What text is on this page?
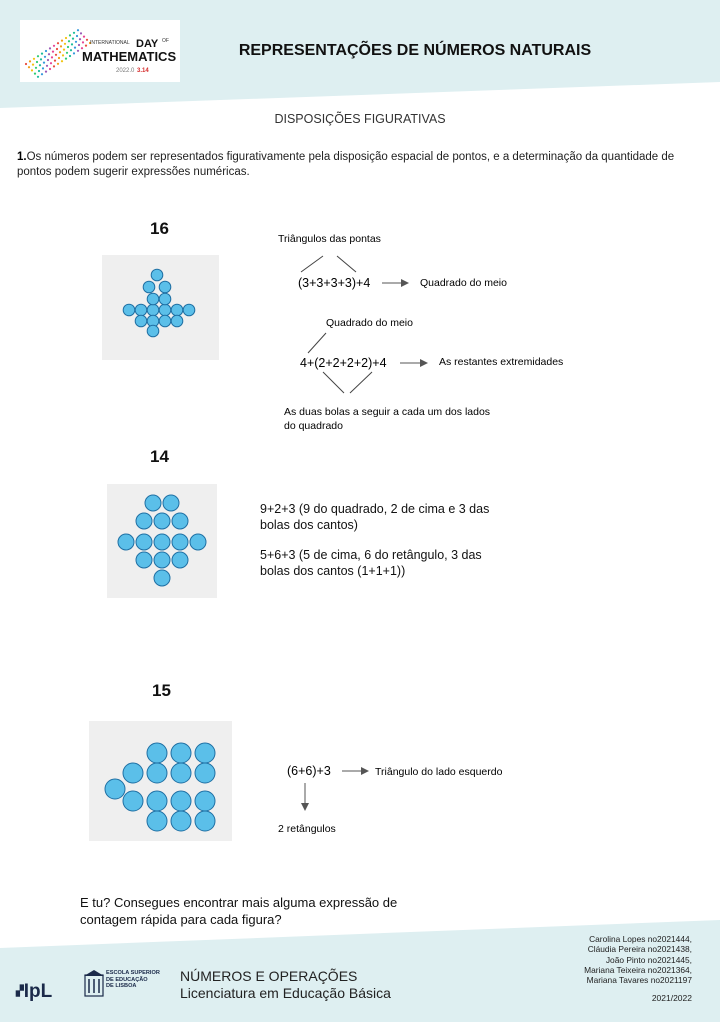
INTERNATIONAL DAY OF
MATHEMATICS
2022.0 3.14
REPRESENTAÇÕES DE NÚMEROS NATURAIS
DISPOSIÇÕES FIGURATIVAS
1.Os números podem ser representados figurativamente pela disposição espacial de pontos, e a determinação da quantidade de pontos podem sugerir expressões numéricas.
16
Triângulos das pontas
(3+3+3+3)+4	Quadrado do meio
Quadrado do meio
4+(2+2+2+2)+4	As restantes extremidades
As duas bolas a seguir a cada um dos lados
do quadrado
14

9+2+3 (9 do quadrado, 2 de cima e 3 das bolas dos cantos)

5+6+3 (5 de cima, 6 do retângulo, 3 das bolas dos cantos (1+1+1))

15
(6+6)+3	Triângulo do lado esquerdo
2 retângulos
E tu? Consegues encontrar mais alguma expressão de contagem rápida para cada figura?
Carolina Lopes no2021444,
Cláudia Pereira no2021438,
João Pinto no2021445,
Mariana Teixeira no2021364,
Mariana Tavares no2021197
2021/2022
▞IpL
ESCOLA SUPERIOR
DE EDUCAÇÃO
DE LISBOA
NÚMEROS E OPERAÇÕES
Licenciatura em Educação Básica
